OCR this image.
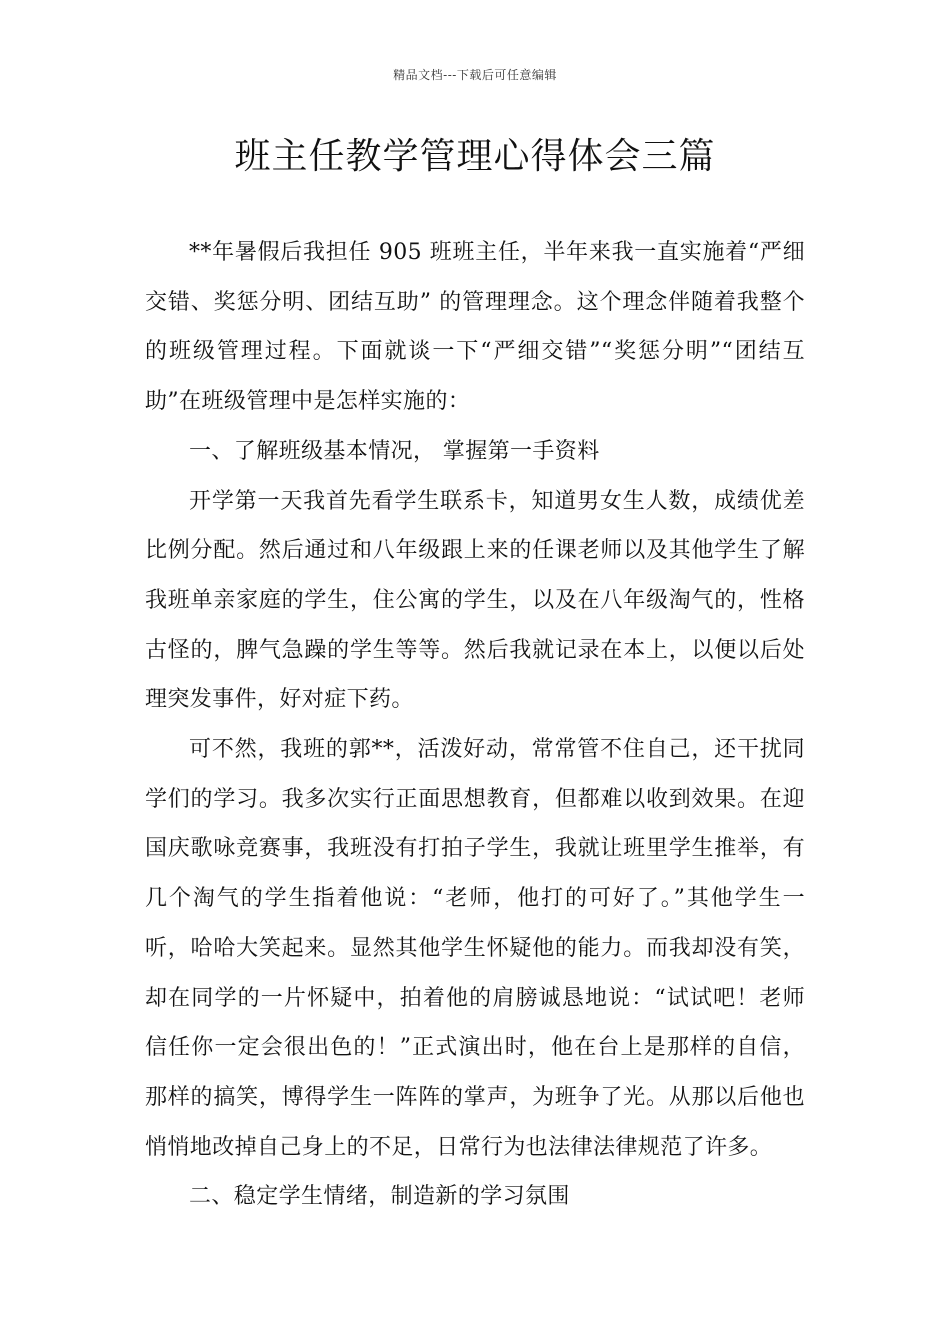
精品文档---下载后可任意编辑
班主任教学管理心得体会三篇

**年暑假后我担任 905 班班主任，半年来我一直实施着“严细交错、奖惩分明、团结互助” 的管理理念。这个理念伴随着我整个的班级管理过程。下面就谈一下“严细交错”“奖惩分明”“团结互助”在班级管理中是怎样实施的：

一、了解班级基本情况， 掌握第一手资料

开学第一天我首先看学生联系卡，知道男女生人数，成绩优差比例分配。然后通过和八年级跟上来的任课老师以及其他学生了解我班单亲家庭的学生，住公寓的学生，以及在八年级淘气的，性格古怪的，脾气急躁的学生等等。然后我就记录在本上，以便以后处理突发事件，好对症下药。

可不然，我班的郭**，活泼好动，常常管不住自己，还干扰同学们的学习。我多次实行正面思想教育，但都难以收到效果。在迎国庆歌咏竞赛事，我班没有打拍子学生，我就让班里学生推举，有几个淘气的学生指着他说：“老师，他打的可好了。”其他学生一听，哈哈大笑起来。显然其他学生怀疑他的能力。而我却没有笑，却在同学的一片怀疑中，拍着他的肩膀诚恳地说：“试试吧！老师信任你一定会很出色的！”正式演出时，他在台上是那样的自信，那样的搞笑，博得学生一阵阵的掌声，为班争了光。从那以后他也悄悄地改掉自己身上的不足，日常行为也法律法律规范了许多。

二、稳定学生情绪，制造新的学习氛围
